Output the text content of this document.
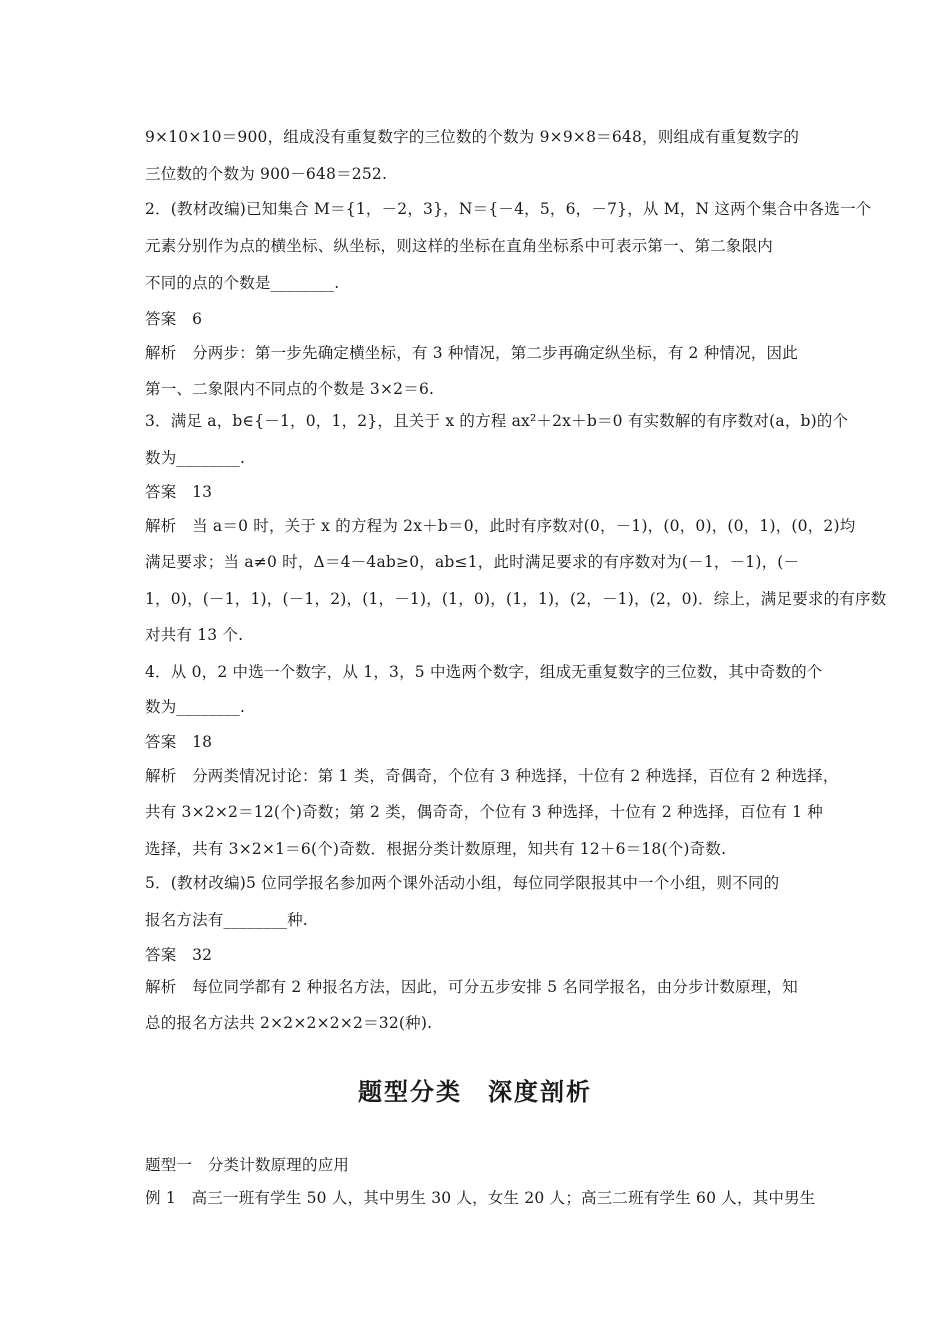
9×10×10＝900，组成没有重复数字的三位数的个数为 9×9×8＝648，则组成有重复数字的
三位数的个数为 900－648＝252.
2．(教材改编)已知集合 M＝{1，－2，3}，N＝{－4，5，6，－7}，从 M，N 这两个集合中各选一个
元素分别作为点的横坐标、纵坐标，则这样的坐标在直角坐标系中可表示第一、第二象限内
不同的点的个数是________.
答案　6
解析　分两步：第一步先确定横坐标，有 3 种情况，第二步再确定纵坐标，有 2 种情况，因此
第一、二象限内不同点的个数是 3×2＝6.
3．满足 a，b∈{－1，0，1，2}，且关于 x 的方程 ax²＋2x＋b＝0 有实数解的有序数对(a，b)的个
数为________.
答案　13
解析　当 a＝0 时，关于 x 的方程为 2x＋b＝0，此时有序数对(0，－1)，(0，0)，(0，1)，(0，2)均
满足要求；当 a≠0 时，Δ＝4－4ab≥0，ab≤1，此时满足要求的有序数对为(－1，－1)，(－
1，0)，(－1，1)，(－1，2)，(1，－1)，(1，0)，(1，1)，(2，－1)，(2，0)．综上，满足要求的有序数
对共有 13 个.
4．从 0，2 中选一个数字，从 1，3，5 中选两个数字，组成无重复数字的三位数，其中奇数的个
数为________.
答案　18
解析　分两类情况讨论：第 1 类，奇偶奇，个位有 3 种选择，十位有 2 种选择，百位有 2 种选择，
共有 3×2×2＝12(个)奇数；第 2 类，偶奇奇，个位有 3 种选择，十位有 2 种选择，百位有 1 种
选择，共有 3×2×1＝6(个)奇数．根据分类计数原理，知共有 12＋6＝18(个)奇数.
5．(教材改编)5 位同学报名参加两个课外活动小组，每位同学限报其中一个小组，则不同的
报名方法有________种.
答案　32
解析　每位同学都有 2 种报名方法，因此，可分五步安排 5 名同学报名，由分步计数原理，知
总的报名方法共 2×2×2×2×2＝32(种).
题型分类　深度剖析
题型一　分类计数原理的应用
例 1　高三一班有学生 50 人，其中男生 30 人，女生 20 人；高三二班有学生 60 人，其中男生
